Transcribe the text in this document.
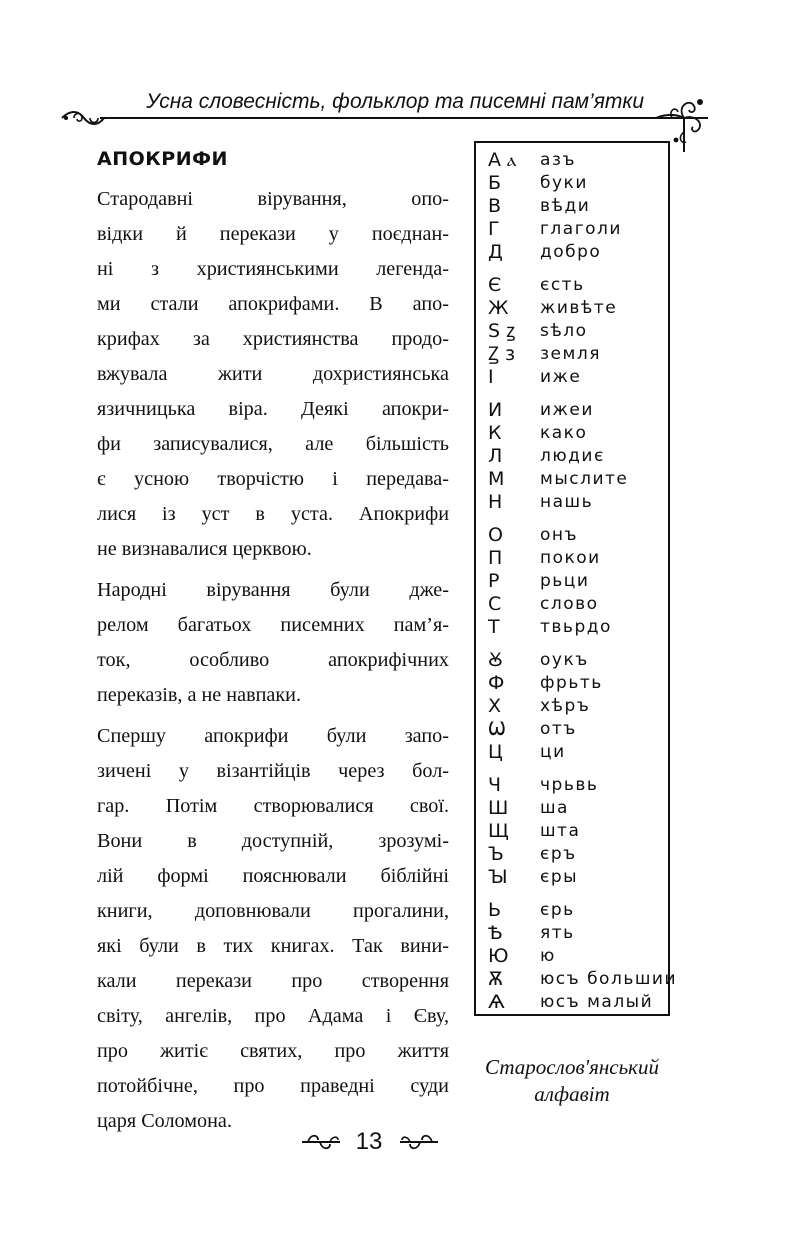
Усна словесність, фольклор та писемні пам’ятки
АПОКРИФИ
Стародавні вірування, опо-
відки й перекази у поєднан-
ні з християнськими легенда-
ми стали апокрифами. В апо-
крифах за християнства продо-
вжувала жити дохристиянська
язичницька віра. Деякі апокри-
фи записувалися, але більшість
є усною творчістю і передава-
лися із уст в уста. Апокрифи
не визнавалися церквою.
Народні вірування були дже-
релом багатьох писемних пам’я-
ток, особливо апокрифічних
переказів, а не навпаки.
Спершу апокрифи були запо-
зичені у візантійців через бол-
гар. Потім створювалися свої.
Вони в доступній, зрозумі-
лій формі пояснювали біблійні
книги, доповнювали прогалини,
які були в тих книгах. Так вини-
кали перекази про створення
світу, ангелів, про Адама і Єву,
про житіє святих, про життя
потойбічне, про праведні суди
царя Соломона.
А ⲁ	азъ
Б	буки
В	вѣди
Г	глаголи
Д	добро
Є	єсть
Ж	живѣте
Ѕ ꙁ	ѕѣло
Ꙁ з	земля
І	иже
И	ижеи
К	како
Л	людиє
М	мыслите
Н	нашь
О	онъ
П	покои
Р	рьци
С	слово
Т	твьрдо
Ꙋ	оукъ
Ф	фрьть
Х	хѣръ
Ѡ	отъ
Ц	ци
Ч	чрьвь
Ш	ша
Щ	шта
Ъ	єръ
Ꙑ	єры
Ь	єрь
Ѣ	ять
Ю	ю
Ѫ	юсъ большии
Ѧ	юсъ малый
Старослов'янський
алфавіт
13
